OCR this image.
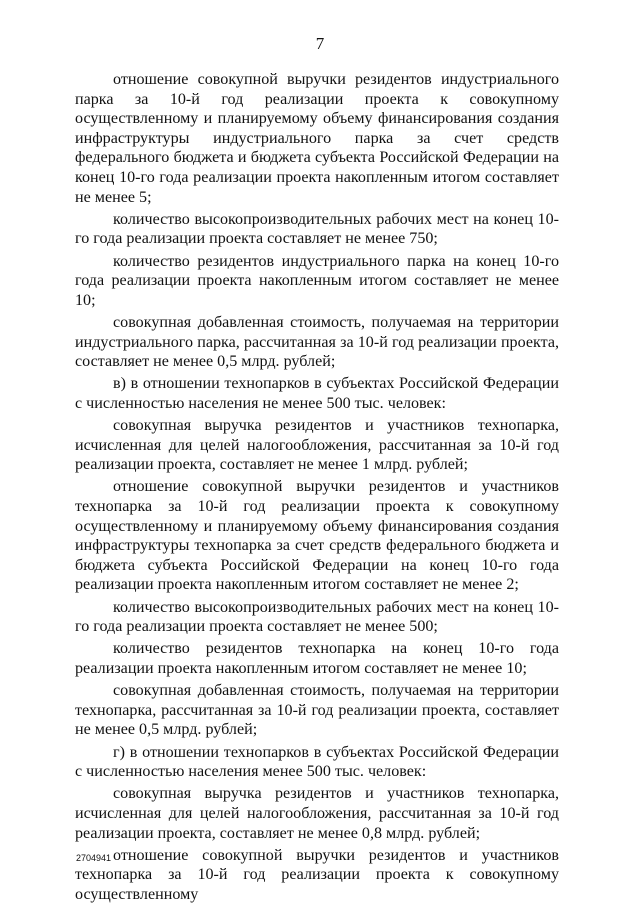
7

отношение совокупной выручки резидентов индустриального парка за 10-й год реализации проекта к совокупному осуществленному и планируемому объему финансирования создания инфраструктуры индустриального парка за счет средств федерального бюджета и бюджета субъекта Российской Федерации на конец 10-го года реализации проекта накопленным итогом составляет не менее 5;

количество высокопроизводительных рабочих мест на конец 10-го года реализации проекта составляет не менее 750;

количество резидентов индустриального парка на конец 10-го года реализации проекта накопленным итогом составляет не менее 10;

совокупная добавленная стоимость, получаемая на территории индустриального парка, рассчитанная за 10-й год реализации проекта, составляет не менее 0,5 млрд. рублей;

в) в отношении технопарков в субъектах Российской Федерации с численностью населения не менее 500 тыс. человек:

совокупная выручка резидентов и участников технопарка, исчисленная для целей налогообложения, рассчитанная за 10-й год реализации проекта, составляет не менее 1 млрд. рублей;

отношение совокупной выручки резидентов и участников технопарка за 10-й год реализации проекта к совокупному осуществленному и планируемому объему финансирования создания инфраструктуры технопарка за счет средств федерального бюджета и бюджета субъекта Российской Федерации на конец 10-го года реализации проекта накопленным итогом составляет не менее 2;

количество высокопроизводительных рабочих мест на конец 10-го года реализации проекта составляет не менее 500;

количество резидентов технопарка на конец 10-го года реализации проекта накопленным итогом составляет не менее 10;

совокупная добавленная стоимость, получаемая на территории технопарка, рассчитанная за 10-й год реализации проекта, составляет не менее 0,5 млрд. рублей;

г) в отношении технопарков в субъектах Российской Федерации с численностью населения менее 500 тыс. человек:

совокупная выручка резидентов и участников технопарка, исчисленная для целей налогообложения, рассчитанная за 10-й год реализации проекта, составляет не менее 0,8 млрд. рублей;

отношение совокупной выручки резидентов и участников технопарка за 10-й год реализации проекта к совокупному осуществленному

2704941
